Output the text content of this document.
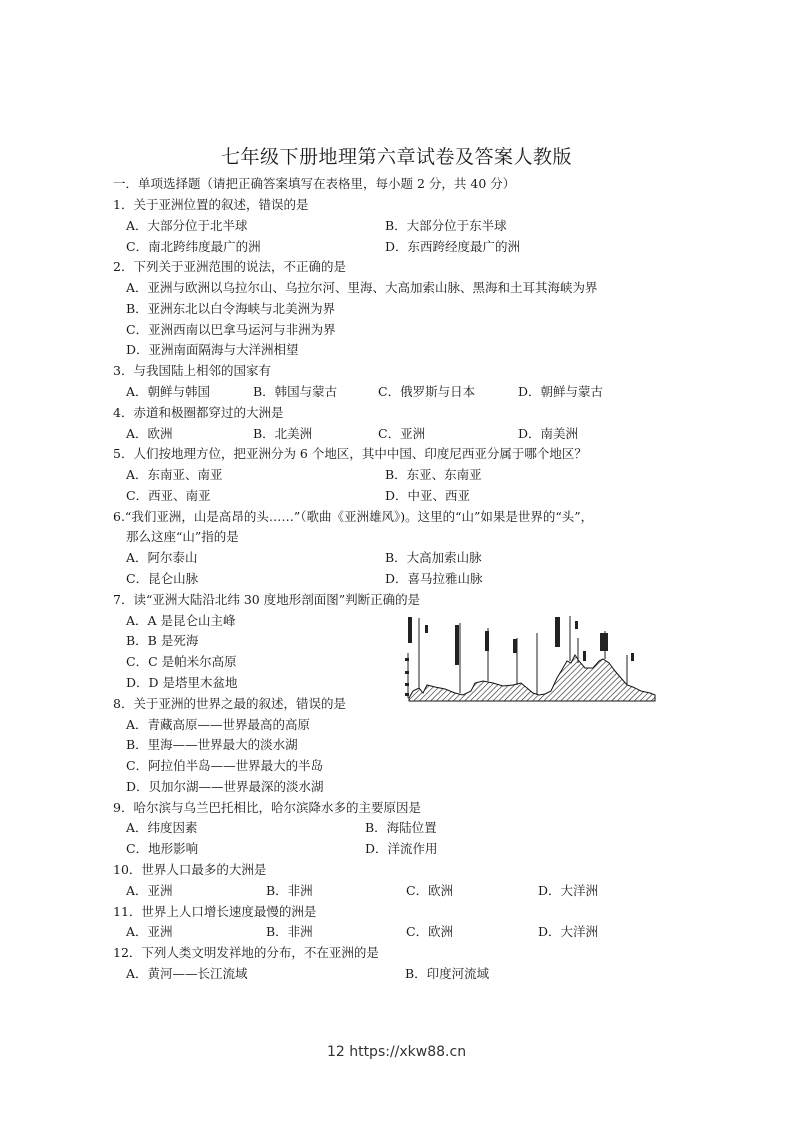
七年级下册地理第六章试卷及答案人教版
一．单项选择题（请把正确答案填写在表格里，每小题 2 分，共 40 分）
12 https://xkw88.cn
1．关于亚洲位置的叙述，错误的是
A．大部分位于北半球	B．大部分位于东半球
C．南北跨纬度最广的洲	D．东西跨经度最广的洲
2．下列关于亚洲范围的说法，不正确的是
A．亚洲与欧洲以乌拉尔山、乌拉尔河、里海、大高加索山脉、黑海和土耳其海峡为界
B．亚洲东北以白令海峡与北美洲为界
C．亚洲西南以巴拿马运河与非洲为界
D．亚洲南面隔海与大洋洲相望
3．与我国陆上相邻的国家有
A．朝鲜与韩国	B．韩国与蒙古	C．俄罗斯与日本	D．朝鲜与蒙古
4．赤道和极圈都穿过的大洲是
A．欧洲	B．北美洲	C．亚洲	D．南美洲
5．人们按地理方位，把亚洲分为 6 个地区，其中中国、印度尼西亚分属于哪个地区？
A．东南亚、南亚	B．东亚、东南亚
C．西亚、南亚	D．中亚、西亚
6.“我们亚洲，山是高昂的头……”（歌曲《亚洲雄风》)。这里的“山”如果是世界的“头”，
那么这座“山”指的是
A．阿尔泰山	B．大高加索山脉
C．昆仑山脉	D．喜马拉雅山脉
7．读“亚洲大陆沿北纬 30 度地形剖面图”判断正确的是
A．A 是昆仑山主峰
B．B 是死海
C．C 是帕米尔高原
D．D 是塔里木盆地
8．关于亚洲的世界之最的叙述，错误的是
A．青藏高原——世界最高的高原
B．里海——世界最大的淡水湖
C．阿拉伯半岛——世界最大的半岛
D．贝加尔湖——世界最深的淡水湖
9．哈尔滨与乌兰巴托相比，哈尔滨降水多的主要原因是
A．纬度因素	B．海陆位置
C．地形影响	D．洋流作用
10．世界人口最多的大洲是
A．亚洲	B．非洲	C．欧洲	D．大洋洲
11．世界上人口增长速度最慢的洲是
A．亚洲	B．非洲	C．欧洲	D．大洋洲
12．下列人类文明发祥地的分布，不在亚洲的是
A．黄河——长江流域	B．印度河流域
